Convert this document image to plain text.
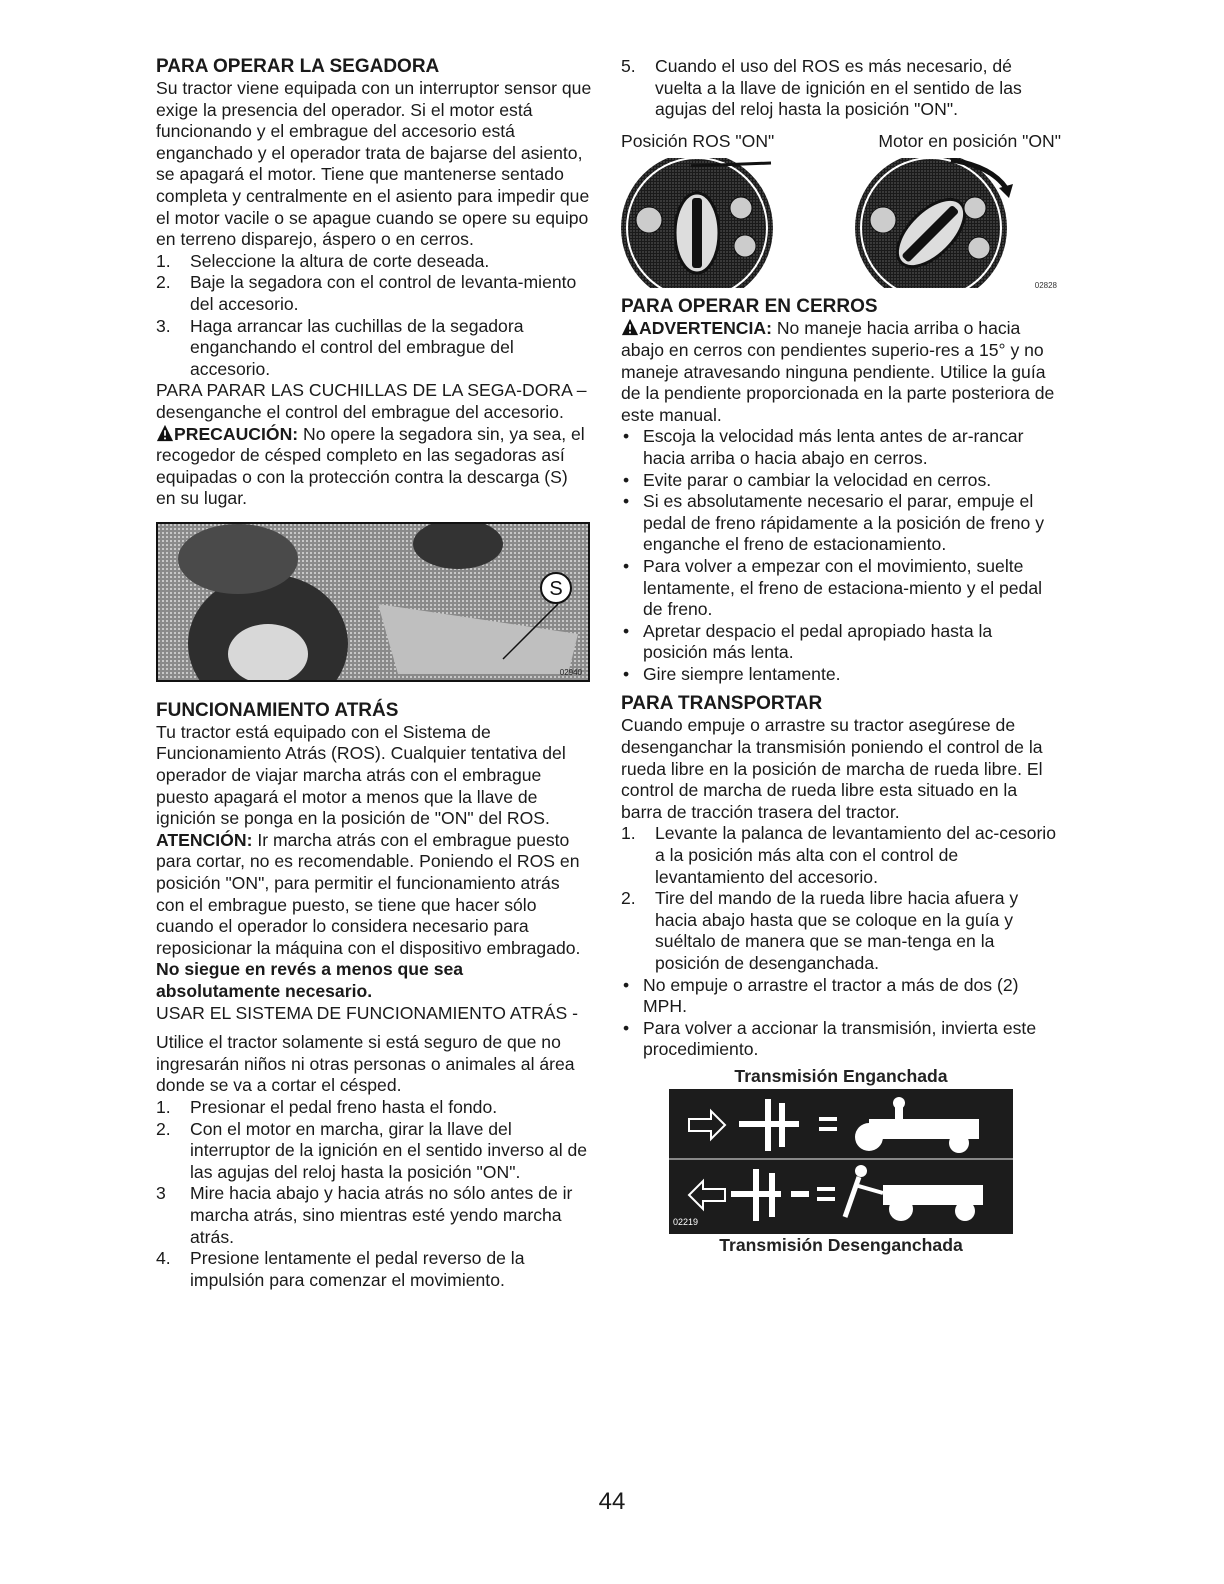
PARA OPERAR LA SEGADORA

Su tractor viene equipada con un interruptor sensor que exige la presencia del operador. Si el motor está funcionando y el embrague del accesorio está enganchado y el operador trata de bajarse del asiento, se apagará el motor. Tiene que mantenerse sentado completa y centralmente en el asiento para impedir que el motor vacile o se apague cuando se opere su equipo en terreno disparejo, áspero o en cerros.

1. Seleccione la altura de corte deseada.
2. Baje la segadora con el control de levanta-miento del accesorio.
3. Haga arrancar las cuchillas de la segadora enganchando el control del embrague del accesorio.

PARA PARAR LAS CUCHILLAS DE LA SEGA-DORA – desenganche el control del embrague del accesorio.

PRECAUCIÓN: No opere la segadora sin, ya sea, el recogedor de césped completo en las segadoras así equipadas o con la protección contra la descarga (S) en su lugar.

S
02940
FUNCIONAMIENTO ATRÁS

Tu tractor está equipado con el Sistema de Funcionamiento Atrás (ROS). Cualquier tentativa del operador de viajar marcha atrás con el embrague puesto apagará el motor a menos que la llave de ignición se ponga en la posición de "ON" del ROS.

ATENCIÓN: Ir marcha atrás con el embrague puesto para cortar, no es recomendable. Poniendo el ROS en posición "ON", para permitir el funcionamiento atrás con el embrague puesto, se tiene que hacer sólo cuando el operador lo considera necesario para reposicionar la máquina con el dispositivo embragado. No siegue en revés a menos que sea absolutamente necesario.

USAR EL SISTEMA DE FUNCIONAMIENTO ATRÁS -

Utilice el tractor solamente si está seguro de que no ingresarán niños ni otras personas o animales al área donde se va a cortar el césped.

1. Presionar el pedal freno hasta el fondo.
2. Con el motor en marcha, girar la llave del interruptor de la ignición en el sentido inverso al de las agujas del reloj hasta la posición "ON".
3 Mire hacia abajo y hacia atrás no sólo antes de ir marcha atrás, sino mientras esté yendo marcha atrás.
4. Presione lentamente el pedal reverso de la impulsión para comenzar el movimiento.
5. Cuando el uso del ROS es más necesario, dé vuelta a la llave de ignición en el sentido de las agujas del reloj hasta la posición "ON".
Posición ROS "ON"	Motor en posición "ON"
02828
PARA OPERAR EN CERROS

ADVERTENCIA: No maneje hacia arriba o hacia abajo en cerros con pendientes superio-res a 15° y no maneje atravesando ninguna pendiente. Utilice la guía de la pendiente proporcionada en la parte posteriora de este manual.

• Escoja la velocidad más lenta antes de ar-rancar hacia arriba o hacia abajo en cerros.
• Evite parar o cambiar la velocidad en cerros.
• Si es absolutamente necesario el parar, empuje el pedal de freno rápidamente a la posición de freno y enganche el freno de estacionamiento.
• Para volver a empezar con el movimiento, suelte lentamente, el freno de estaciona-miento y el pedal de freno.
• Apretar despacio el pedal apropiado hasta la posición más lenta.
• Gire siempre lentamente.
PARA TRANSPORTAR

Cuando empuje o arrastre su tractor asegúrese de desenganchar la transmisión poniendo el control de la rueda libre en la posición de marcha de rueda libre. El control de marcha de rueda libre esta situado en la barra de tracción trasera del tractor.

1. Levante la palanca de levantamiento del ac-cesorio a la posición más alta con el control de levantamiento del accesorio.
2. Tire del mando de la rueda libre hacia afuera y hacia abajo hasta que se coloque en la guía y suéltalo de manera que se man-tenga en la posición de desenganchada.
• No empuje o arrastre el tractor a más de dos (2) MPH.
• Para volver a accionar la transmisión, invierta este procedimiento.
Transmisión Enganchada
02219
Transmisión Desenganchada
44
